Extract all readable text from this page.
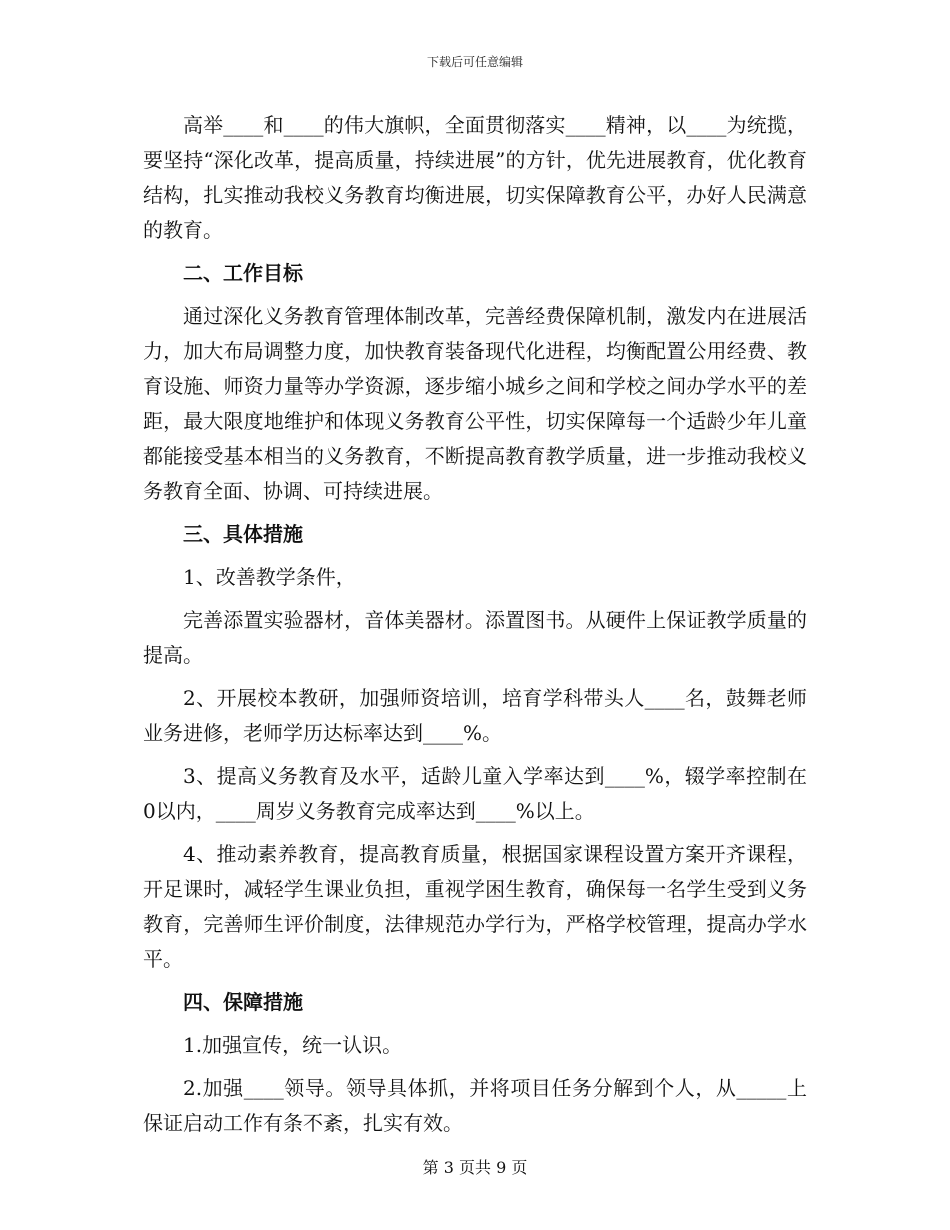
下载后可任意编辑

高举____和____的伟大旗帜，全面贯彻落实____精神，以____为统揽，要坚持“深化改革，提高质量，持续进展”的方针，优先进展教育，优化教育结构，扎实推动我校义务教育均衡进展，切实保障教育公平，办好人民满意的教育。

二、工作目标

通过深化义务教育管理体制改革，完善经费保障机制，激发内在进展活力，加大布局调整力度，加快教育装备现代化进程，均衡配置公用经费、教育设施、师资力量等办学资源，逐步缩小城乡之间和学校之间办学水平的差距，最大限度地维护和体现义务教育公平性，切实保障每一个适龄少年儿童都能接受基本相当的义务教育，不断提高教育教学质量，进一步推动我校义务教育全面、协调、可持续进展。

三、具体措施

1、改善教学条件，

完善添置实验器材，音体美器材。添置图书。从硬件上保证教学质量的提高。

2、开展校本教研，加强师资培训，培育学科带头人____名，鼓舞老师业务进修，老师学历达标率达到____%。

3、提高义务教育及水平，适龄儿童入学率达到____%，辍学率控制在0以内，____周岁义务教育完成率达到____%以上。

4、推动素养教育，提高教育质量，根据国家课程设置方案开齐课程，开足课时，减轻学生课业负担，重视学困生教育，确保每一名学生受到义务教育，完善师生评价制度，法律规范办学行为，严格学校管理，提高办学水平。

四、保障措施

1.加强宣传，统一认识。

2.加强____领导。领导具体抓，并将项目任务分解到个人，从_____上保证启动工作有条不紊，扎实有效。

第 3 页共 9 页
